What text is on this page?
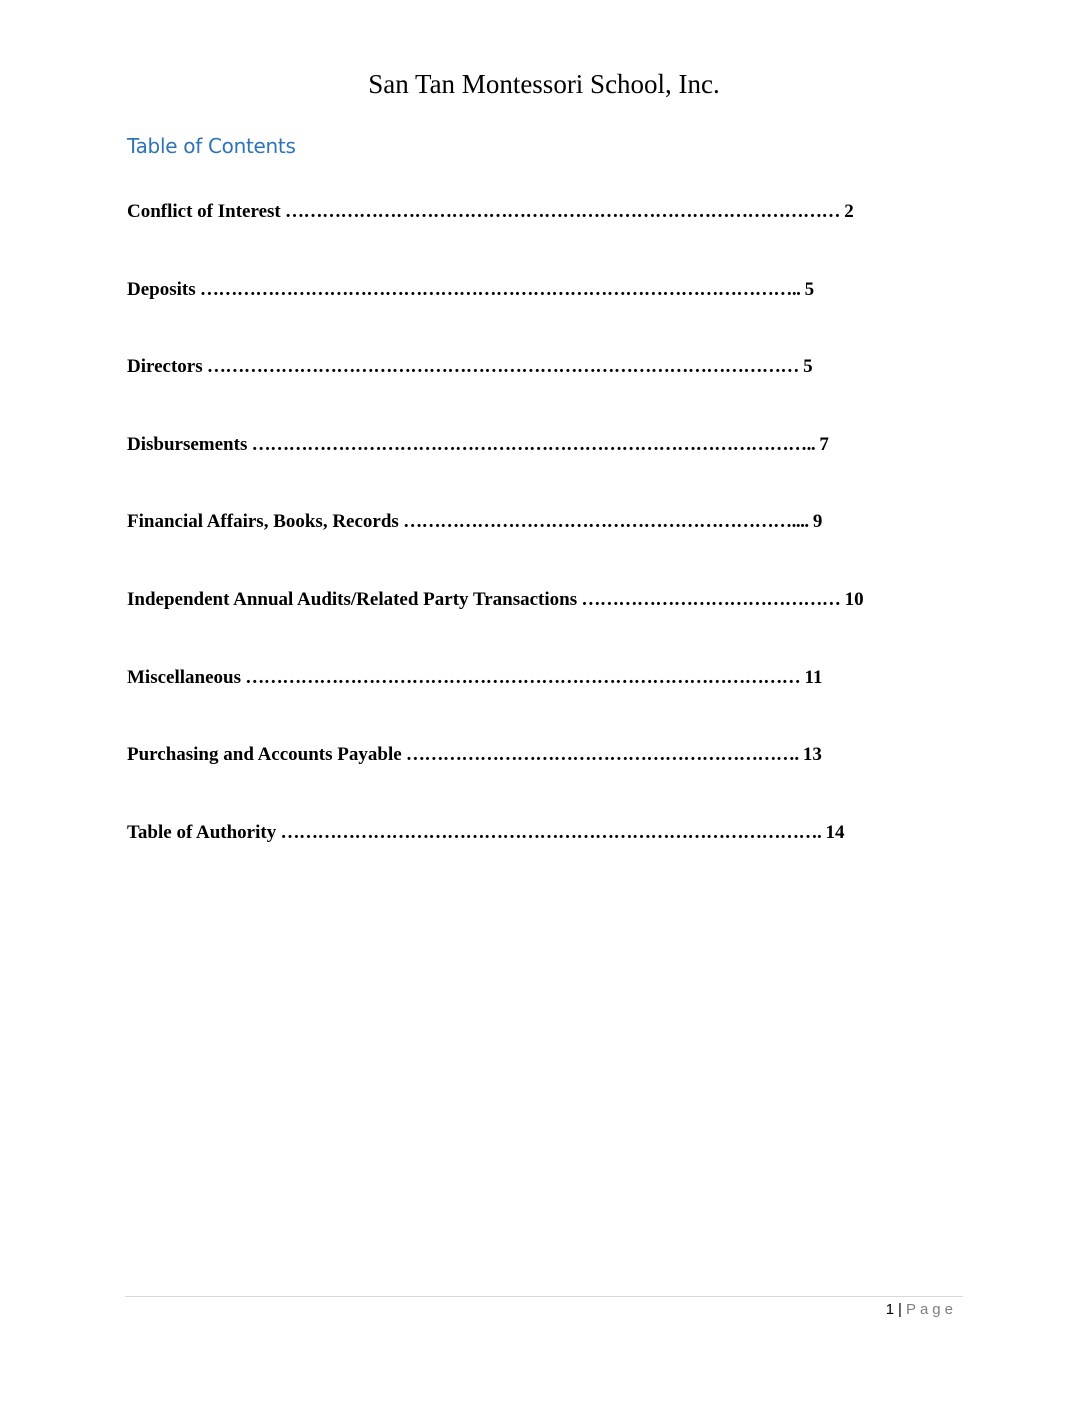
San Tan Montessori School, Inc.
Table of Contents
Conflict of Interest ……………………………………………………………………………… 2
Deposits …………………………………………………………………………………….. 5
Directors …………………………………………………………………………………… 5
Disbursements ……………………………………………………………………………….. 7
Financial Affairs, Books, Records ……………………………………………………….... 9
Independent Annual Audits/Related Party Transactions …………………………………… 10
Miscellaneous ……………………………………………………………………………… 11
Purchasing and Accounts Payable ………………………………………………………. 13
Table of Authority ……………………………………………………………………………. 14
1 | Page
